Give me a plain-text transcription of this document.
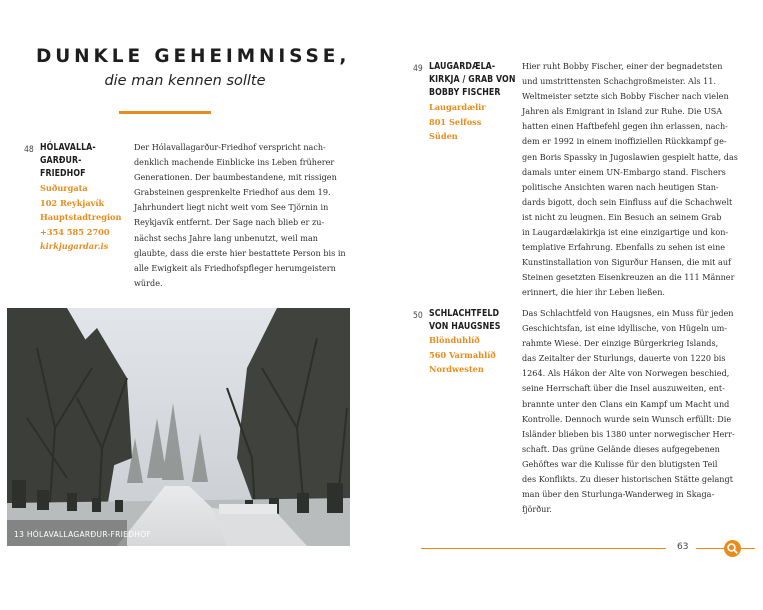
DUNKLE GEHEIMNISSE,
die man kennen sollte
48 HÓLAVALLA-
GARÐUR-
FRIEDHOF
Suðurgata
102 Reykjavík
Hauptstadtregion
+354 585 2700
kirkjugardar.is
Der Hólavallagarður-Friedhof verspricht nach-
denklich machende Einblicke ins Leben früherer
Generationen. Der baumbestandene, mit rissigen
Grabsteinen gesprenkelte Friedhof aus dem 19.
Jahrhundert liegt nicht weit vom See Tjörnin in
Reykjavík entfernt. Der Sage nach blieb er zu-
nächst sechs Jahre lang unbenutzt, weil man
glaubte, dass die erste hier bestattete Person bis in
alle Ewigkeit als Friedhofspfleger herumgeistern
würde.
13 HÓLAVALLAGARÐUR-FRIEDHOF
49 LAUGARDÆLA-
KIRKJA / GRAB VON
BOBBY FISCHER
Laugardælir
801 Selfoss
Süden
Hier ruht Bobby Fischer, einer der begnadetsten
und umstrittensten Schachgroßmeister. Als 11.
Weltmeister setzte sich Bobby Fischer nach vielen
Jahren als Emigrant in Island zur Ruhe. Die USA
hatten einen Haftbefehl gegen ihn erlassen, nach-
dem er 1992 in einem inoffiziellen Rückkampf ge-
gen Boris Spassky in Jugoslawien gespielt hatte, das
damals unter einem UN-Embargo stand. Fischers
politische Ansichten waren nach heutigen Stan-
dards bigott, doch sein Einfluss auf die Schachwelt
ist nicht zu leugnen. Ein Besuch an seinem Grab
in Laugardælakirkja ist eine einzigartige und kon-
templative Erfahrung. Ebenfalls zu sehen ist eine
Kunstinstallation von Sigurður Hansen, die mit auf
Steinen gesetzten Eisenkreuzen an die 111 Männer
erinnert, die hier ihr Leben ließen.
50 SCHLACHTFELD
VON HAUGSNES
Blönduhlíð
560 Varmahlíð
Nordwesten
Das Schlachtfeld von Haugsnes, ein Muss für jeden
Geschichtsfan, ist eine idyllische, von Hügeln um-
rahmte Wiese. Der einzige Bürgerkrieg Islands,
das Zeitalter der Sturlungs, dauerte von 1220 bis
1264. Als Hákon der Alte von Norwegen beschied,
seine Herrschaft über die Insel auszuweiten, ent-
brannte unter den Clans ein Kampf um Macht und
Kontrolle. Dennoch wurde sein Wunsch erfüllt: Die
Isländer blieben bis 1380 unter norwegischer Herr-
schaft. Das grüne Gelände dieses aufgegebenen
Gehöftes war die Kulisse für den blutigsten Teil
des Konflikts. Zu dieser historischen Stätte gelangt
man über den Sturlunga-Wanderweg in Skaga-
fjörður.
63
